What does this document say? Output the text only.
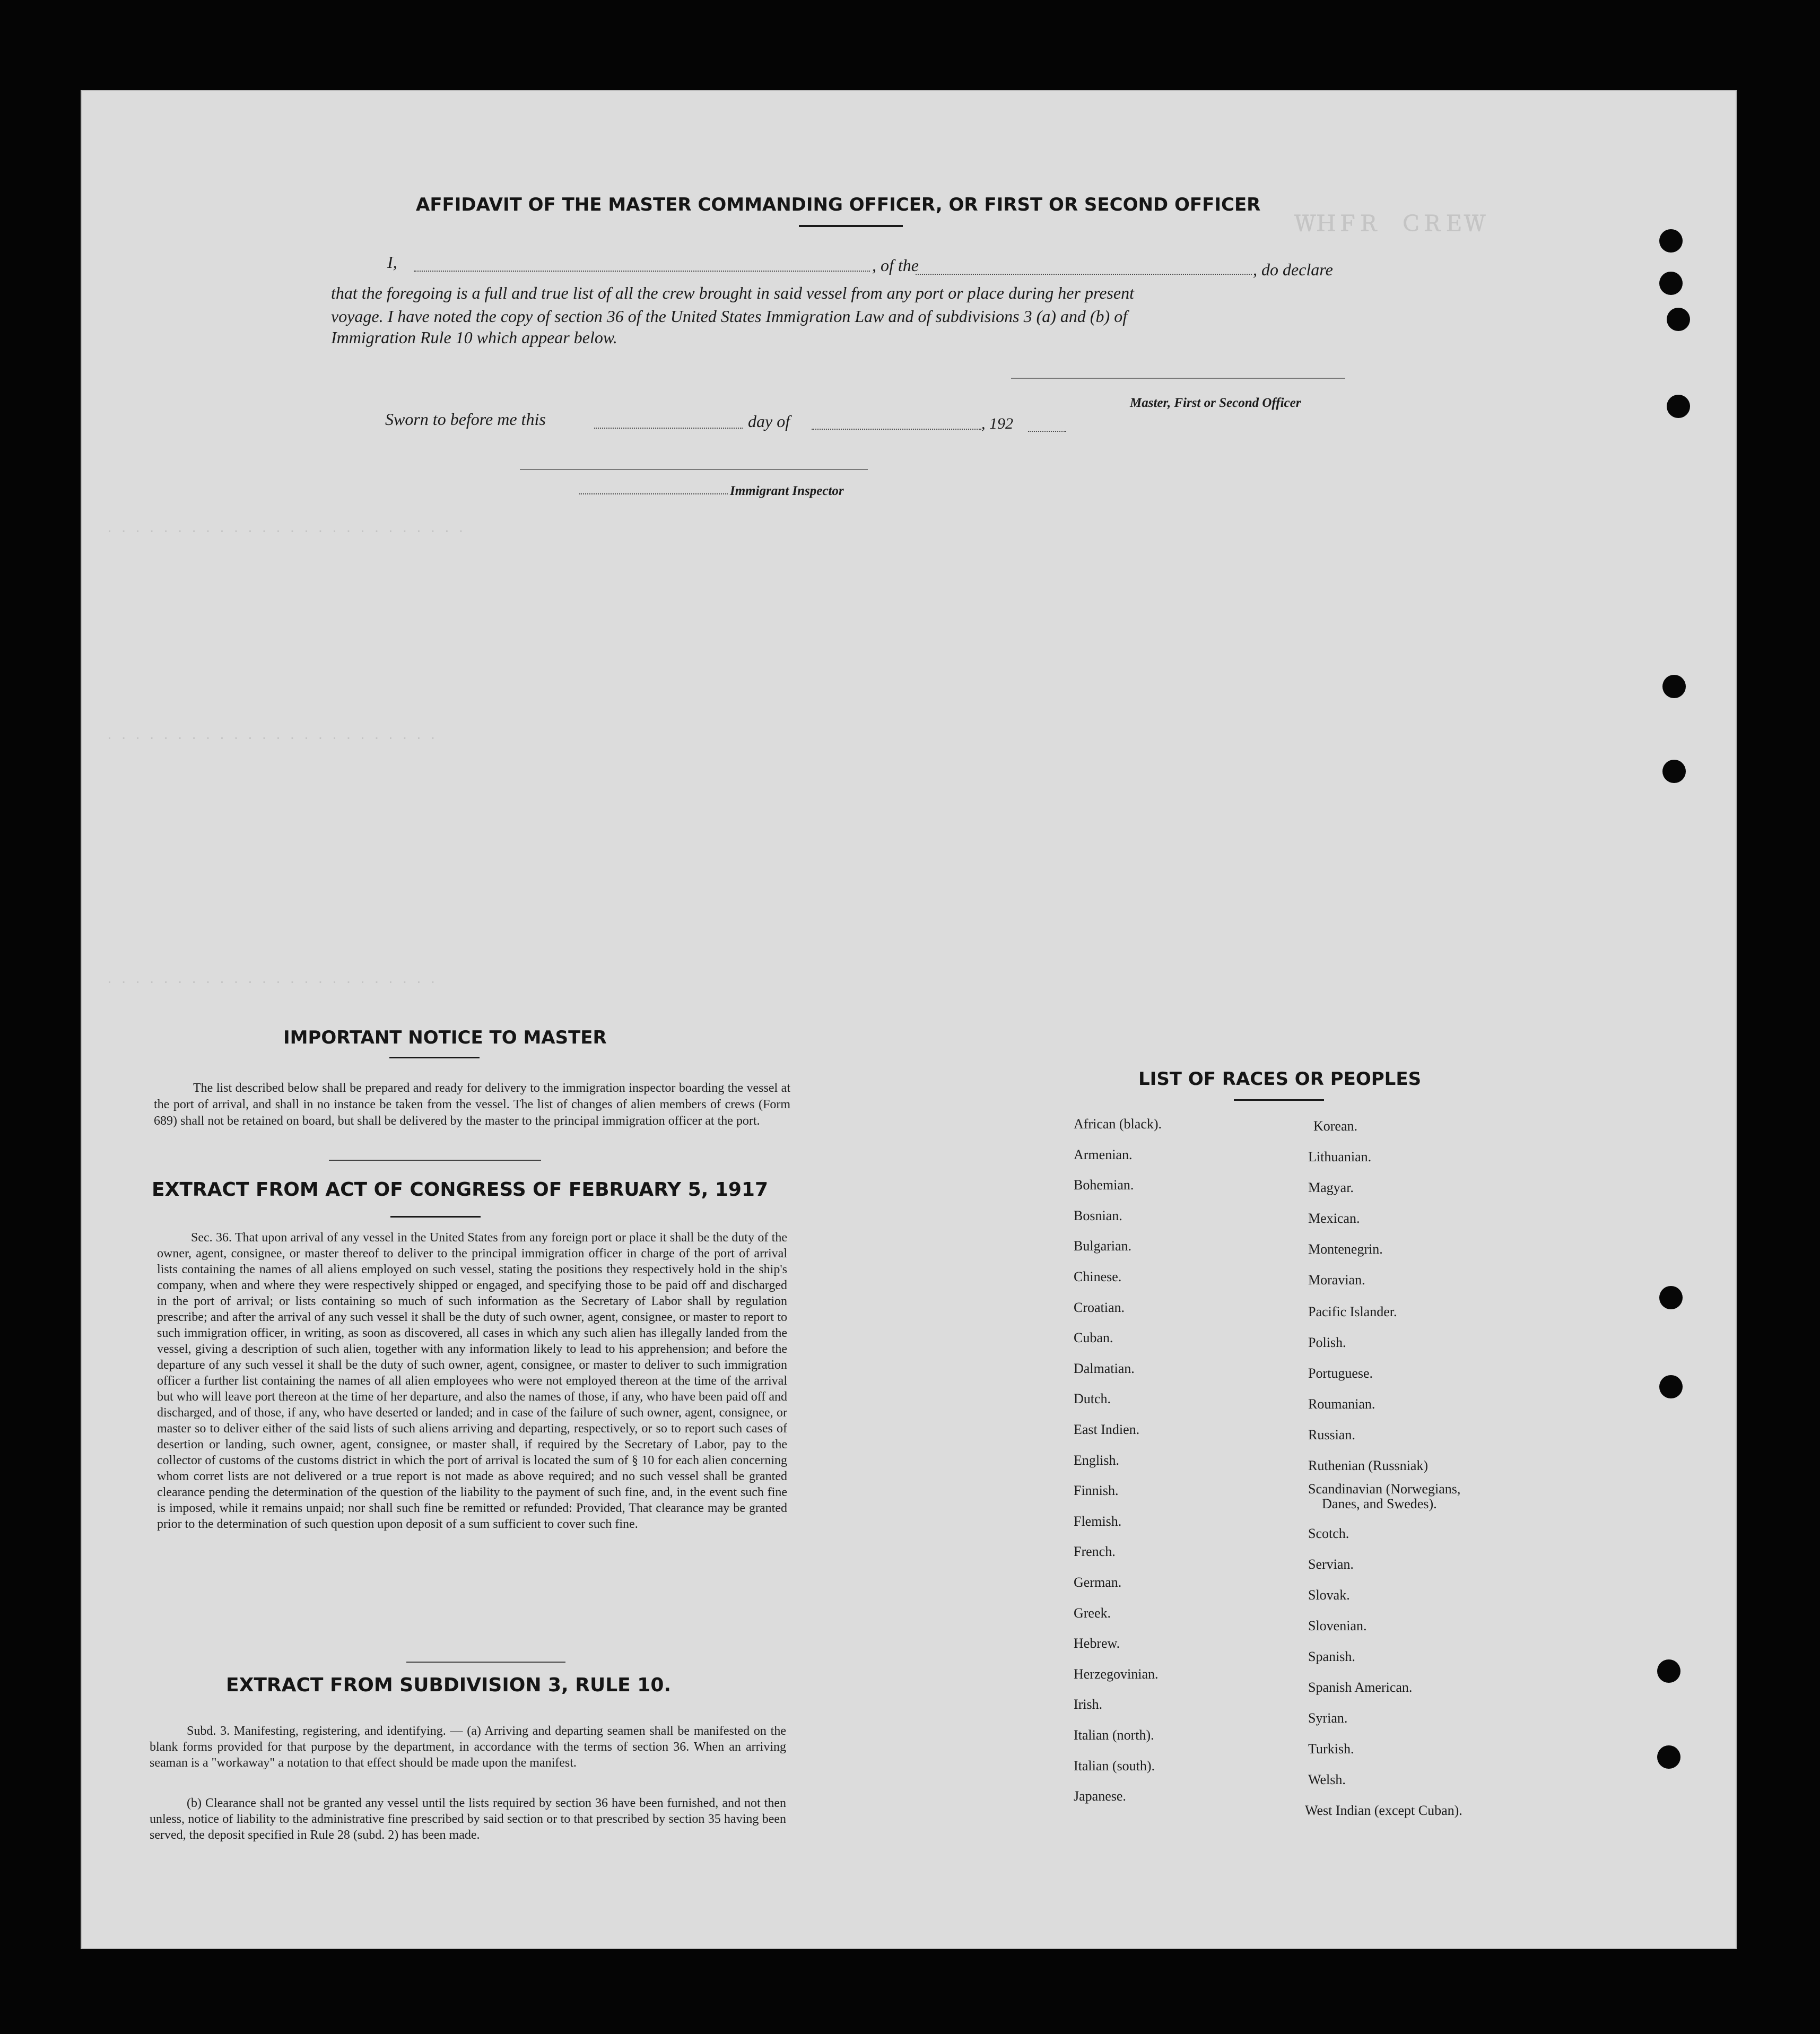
ＷＨＦＲ　ＣＲＥＷ
· · · · · · · · · · · · · · · · · · · · · · · · · ·
· · · · · · · · · · · · · · · · · · · · · · · ·
· · · · · · · · · · · · · · · · · · · · · · · ·
AFFIDAVIT OF THE MASTER COMMANDING OFFICER, OR FIRST OR SECOND OFFICER
I,	, of the	, do declare
that the foregoing is a full and true list of all the crew brought in said vessel from any port or place during her present
voyage. I have noted the copy of section 36 of the United States Immigration Law and of subdivisions 3 (a) and (b) of
Immigration Rule 10 which appear below.
Master, First or Second Officer
Sworn to before me this	day of	, 192
Immigrant Inspector
IMPORTANT NOTICE TO MASTER

The list described below shall be prepared and ready for delivery to the immigration inspector boarding the vessel at the port of arrival, and shall in no instance be taken from the vessel. The list of changes of alien members of crews (Form 689) shall not be retained on board, but shall be delivered by the master to the principal immigration officer at the port.

EXTRACT FROM ACT OF CONGRESS OF FEBRUARY 5, 1917

Sec. 36. That upon arrival of any vessel in the United States from any foreign port or place it shall be the duty of the owner, agent, consignee, or master thereof to deliver to the principal immigration officer in charge of the port of arrival lists containing the names of all aliens employed on such vessel, stating the positions they respectively hold in the ship's company, when and where they were respectively shipped or engaged, and specifying those to be paid off and discharged in the port of arrival; or lists containing so much of such information as the Secretary of Labor shall by regulation prescribe; and after the arrival of any such vessel it shall be the duty of such owner, agent, consignee, or master to report to such immigration officer, in writing, as soon as discovered, all cases in which any such alien has illegally landed from the vessel, giving a description of such alien, together with any information likely to lead to his apprehension; and before the departure of any such vessel it shall be the duty of such owner, agent, consignee, or master to deliver to such immigration officer a further list containing the names of all alien employees who were not employed thereon at the time of the arrival but who will leave port thereon at the time of her departure, and also the names of those, if any, who have been paid off and discharged, and of those, if any, who have deserted or landed; and in case of the failure of such owner, agent, consignee, or master so to deliver either of the said lists of such aliens arriving and departing, respectively, or so to report such cases of desertion or landing, such owner, agent, consignee, or master shall, if required by the Secretary of Labor, pay to the collector of customs of the customs district in which the port of arrival is located the sum of § 10 for each alien concerning whom corret lists are not delivered or a true report is not made as above required; and no such vessel shall be granted clearance pending the determination of the question of the liability to the payment of such fine, and, in the event such fine is imposed, while it remains unpaid; nor shall such fine be remitted or refunded: Provided, That clearance may be granted prior to the determination of such question upon deposit of a sum sufficient to cover such fine.

EXTRACT FROM SUBDIVISION 3, RULE 10.

Subd. 3. Manifesting, registering, and identifying. — (a) Arriving and departing seamen shall be manifested on the blank forms provided for that purpose by the department, in accordance with the terms of section 36. When an arriving seaman is a "workaway" a notation to that effect should be made upon the manifest.

(b) Clearance shall not be granted any vessel until the lists required by section 36 have been furnished, and not then unless, notice of liability to the administrative fine prescribed by said section or to that prescribed by section 35 having been served, the deposit specified in Rule 28 (subd. 2) has been made.

LIST OF RACES OR PEOPLES
African (black).
Armenian.
Bohemian.
Bosnian.
Bulgarian.
Chinese.
Croatian.
Cuban.
Dalmatian.
Dutch.
East Indien.
English.
Finnish.
Flemish.
French.
German.
Greek.
Hebrew.
Herzegovinian.
Irish.
Italian (north).
Italian (south).
Japanese.
Korean.
Lithuanian.
Magyar.
Mexican.
Montenegrin.
Moravian.
Pacific Islander.
Polish.
Portuguese.
Roumanian.
Russian.
Ruthenian (Russniak)
Scandinavian (Norwegians,
Danes, and Swedes).
Scotch.
Servian.
Slovak.
Slovenian.
Spanish.
Spanish American.
Syrian.
Turkish.
Welsh.
West Indian (except Cuban).
